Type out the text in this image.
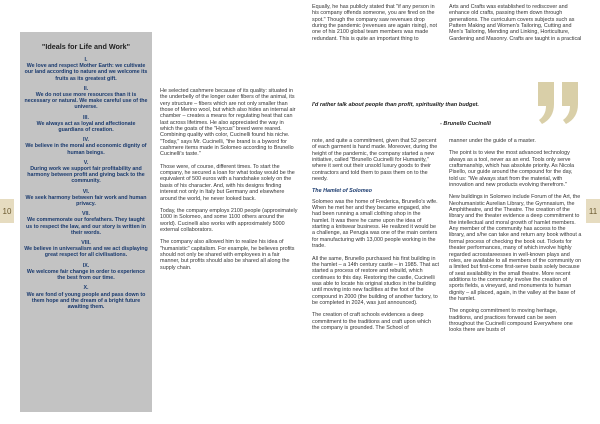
10	11
"Ideals for Life and Work"
I.
We love and respect Mother Earth: we cultivate our land according to nature and we welcome its fruits as its greatest gift.
II.
We do not use more resources than it is necessary or natural. We make careful use of the universe.
III.
We always act as loyal and affectionate guardians of creation.
IV.
We believe in the moral and economic dignity of human beings.
V.
During work we support fair profitability and harmony between profit and giving back to the community.
VI.
We seek harmony between fair work and human privacy.
VII.
We commemorate our forefathers. They taught us to respect the law, and our story is written in their words.
VIII.
We believe in universalism and we act displaying great respect for all civilisations.
IX.
We welcome fair change in order to experience the best from our time.
X.
We are fond of young people and pass down to them hope and the dream of a bright future awaiting them.

He selected cashmere because of its quality: situated in the underbelly of the longer outer fibers of the animal, its very structure – fibers which are not only smaller than those of Merino wool, but which also hides an internal air chamber – creates a means for regulating heat that can last across lifetimes. He also appreciated the way in which the goats of the "Hyrcus" breed were reared. Combining quality with color, Cucinelli found his niche. "Today," says Mr. Cucinelli, "the brand is a byword for cashmere items made in Solomeo according to Brunello Cucinelli's taste."

Those were, of course, different times. To start the company, he secured a loan for what today would be the equivalent of 500 euros with a handshake solely on the basis of his character. And, with his designs finding interest not only in Italy but Germany and elsewhere around the world, he never looked back.

Today, the company employs 2100 people (approximately 1000 in Solomeo, and some 1100 others around the world). Cucinelli also works with approximately 5000 external collaborators.

The company also allowed him to realize his idea of "humanistic" capitalism. For example, he believes profits should not only be shared with employees in a fair manner, but profits should also be shared all along the supply chain.

Equally, he has publicly stated that "if any person in his company offends someone, you are fired on the spot." Though the company saw revenues drop during the pandemic (revenues are again rising), not one of his 2100 global team members was made redundant. This is quite an important thing to

I'd rather talk about people than profit, spirituality than budget.
- Brunello Cucinelli

note, and quite a commitment, given that 52 percent of each garment is hand made. Moreover, during the height of the pandemic, the company started a new initiative, called "Brunello Cucinelli for Humanity," where it sent out their unsold luxury goods to their contractors and told them to pass them on to the needy.

The Hamlet of Solomeo

Solomeo was the home of Frederica, Brunello's wife. When he met her and they became engaged, she had been running a small clothing shop in the hamlet. It was there he came upon the idea of starting a knitwear business. He realized it would be a challenge, as Perugia was one of the main centers for manufacturing with 13,000 people working in the trade.

All the same, Brunello purchased his first building in the hamlet – a 14th century castle – in 1985. That act started a process of restore and rebuild, which continues to this day. Restoring the castle, Cucinelli was able to locate his original studios in the building until moving into new facilities at the foot of the compound in 2000 (the building of another factory, to be completed in 2024, was just announced).

The creation of craft schools evidences a deep commitment to the traditions and craft upon which the company is grounded. The School of

Arts and Crafts was established to rediscover and enhance old crafts, passing them down through generations. The curriculum covers subjects such as Pattern Making and Women's Tailoring, Cutting and Men's Tailoring, Mending and Linking, Horticulture, Gardening and Masonry. Crafts are taught in a practical

manner under the guide of a master.

The point is to view the most advanced technology always as a tool, never as an end. Tools only serve craftsmanship, which has absolute priority. As Nicola Pisello, our guide around the compound for the day, told us: "We always start from the material, with innovation and new products evolving therefrom."

New buildings in Solomeo include Forum of the Art, the Neohumanistic Aurelian Library, the Gymnasium, the Amphitheatre, and the Theatre. The creation of the library and the theater evidence a deep commitment to the intellectual and moral growth of hamlet members. Any member of the community has access to the library, and s/he can take and return any book without a formal process of checking the book out. Tickets for theater performances, many of which involve highly regarded acrosstareesses in well-known plays and roles, are available to all members of the community on a limited but first-come first-serve basis solely because of seat availability in the small theatre. More recent additions to the community involve the creation of sports fields, a vineyard, and monuments to human dignity – all placed, again, in the valley at the base of the hamlet.

The ongoing commitment to moving heritage, traditions, and practices forward can be seen throughout the Cucinelli compound Everywhere one looks there are busts of
